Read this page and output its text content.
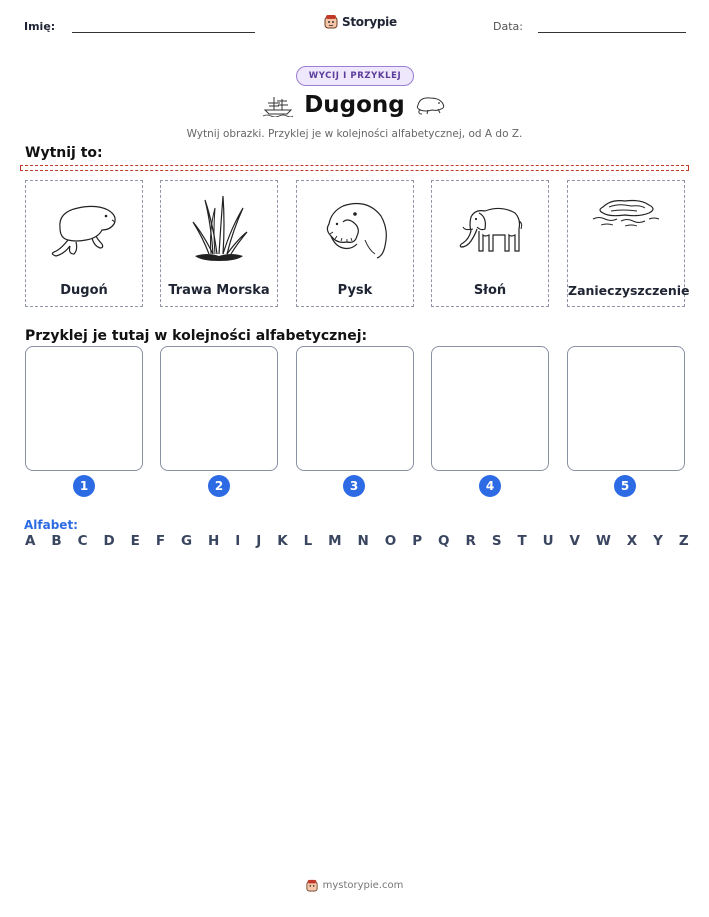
Imię:	Storypie	Data:
WYCIJ I PRZYKLEJ
Dugong
Wytnij obrazki. Przyklej je w kolejności alfabetycznej, od A do Z.
Wytnij to:
Dugoń	Trawa Morska	Pysk	Słoń	Zanieczyszczenie
Przyklej je tutaj w kolejności alfabetycznej:
1	2	3	4	5
Alfabet:
A B C D E F G H I J K L M N O P Q R S T U V W X Y Z
mystorypie.com
